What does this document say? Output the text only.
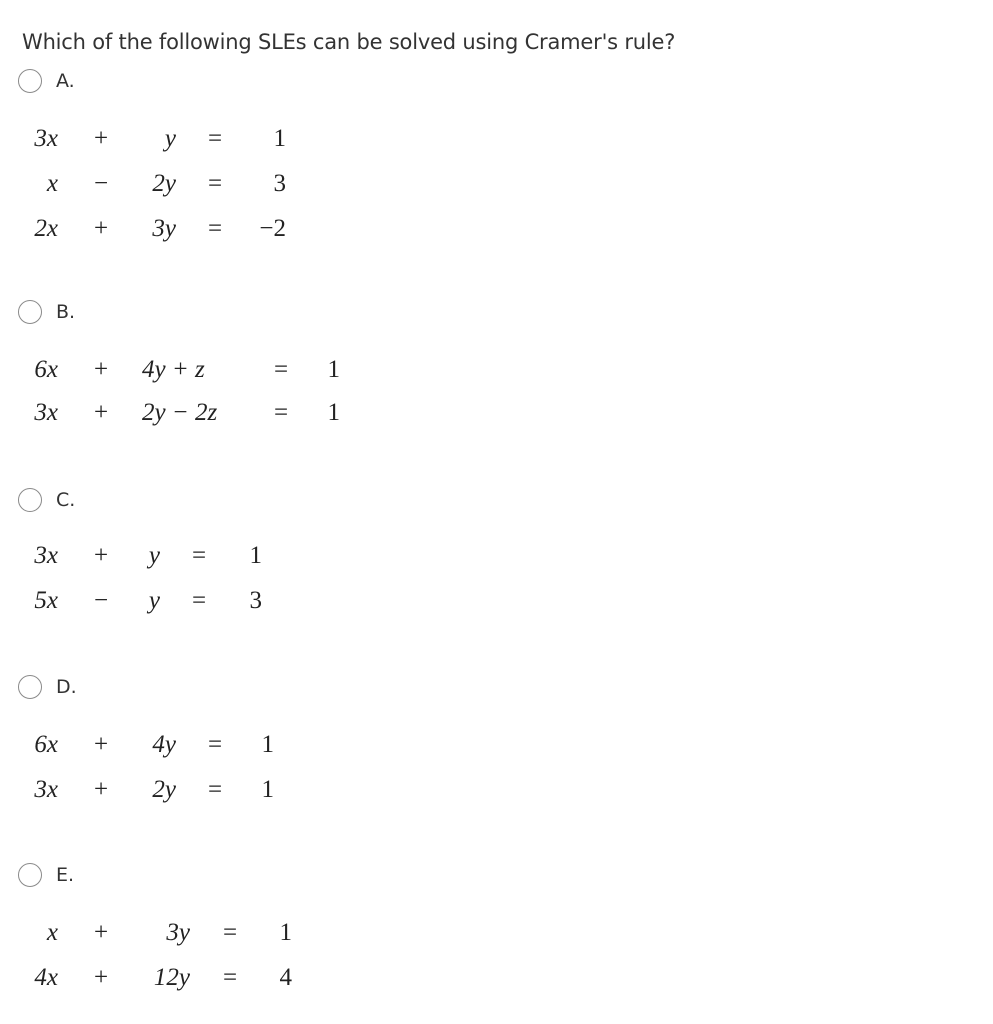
Which of the following SLEs can be solved using Cramer's rule?
A.
3x	+	y	=	1
x	−	2y	=	3
2x	+	3y	=	−2
B.
6x	+	4y + z	=	1
3x	+	2y − 2z	=	1
C.
3x	+	y	=	1
5x	−	y	=	3
D.
6x	+	4y	=	1
3x	+	2y	=	1
E.
x	+	3y	=	1
4x	+	12y	=	4
